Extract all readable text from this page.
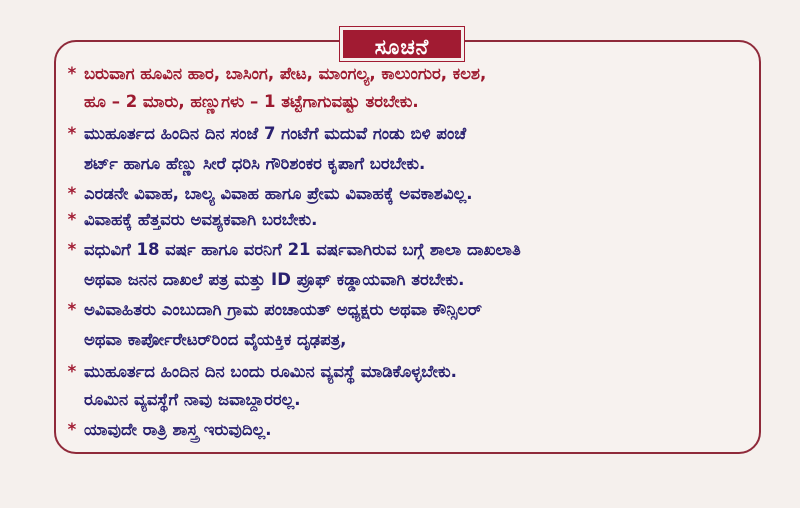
ಸೂಚನೆ
* ಬರುವಾಗ ಹೂವಿನ ಹಾರ, ಬಾಸಿಂಗ, ಪೇಟ, ಮಾಂಗಲ್ಯ, ಕಾಲುಂಗುರ, ಕಲಶ,
ಹೂ – 2 ಮಾರು, ಹಣ್ಣುಗಳು – 1 ತಟ್ಟೆಗಾಗುವಷ್ಟು ತರಬೇಕು.
* ಮುಹೂರ್ತದ ಹಿಂದಿನ ದಿನ ಸಂಜೆ 7 ಗಂಟೆಗೆ ಮದುವೆ ಗಂಡು ಬಿಳಿ ಪಂಚೆ
ಶರ್ಟ್ ಹಾಗೂ ಹೆಣ್ಣು ಸೀರೆ ಧರಿಸಿ ಗೌರಿಶಂಕರ ಕೃಪಾಗೆ ಬರಬೇಕು.
* ಎರಡನೇ ವಿವಾಹ, ಬಾಲ್ಯ ವಿವಾಹ ಹಾಗೂ ಪ್ರೇಮ ವಿವಾಹಕ್ಕೆ ಅವಕಾಶವಿಲ್ಲ.
* ವಿವಾಹಕ್ಕೆ ಹೆತ್ತವರು ಅವಶ್ಯಕವಾಗಿ ಬರಬೇಕು.
* ವಧುವಿಗೆ 18 ವರ್ಷ ಹಾಗೂ ವರನಿಗೆ 21 ವರ್ಷವಾಗಿರುವ ಬಗ್ಗೆ ಶಾಲಾ ದಾಖಲಾತಿ
ಅಥವಾ ಜನನ ದಾಖಲೆ ಪತ್ರ ಮತ್ತು ID ಪ್ರೂಫ್ ಕಡ್ಡಾಯವಾಗಿ ತರಬೇಕು.
* ಅವಿವಾಹಿತರು ಎಂಬುದಾಗಿ ಗ್ರಾಮ ಪಂಚಾಯತ್ ಅಧ್ಯಕ್ಷರು ಅಥವಾ ಕೌನ್ಸಿಲರ್
ಅಥವಾ ಕಾರ್ಪೋರೇಟರ್‌ರಿಂದ ವೈಯಕ್ತಿಕ ದೃಢಪತ್ರ,
* ಮುಹೂರ್ತದ ಹಿಂದಿನ ದಿನ ಬಂದು ರೂಮಿನ ವ್ಯವಸ್ಥೆ ಮಾಡಿಕೊಳ್ಳಬೇಕು.
ರೂಮಿನ ವ್ಯವಸ್ಥೆಗೆ ನಾವು ಜವಾಬ್ದಾರರಲ್ಲ.
* ಯಾವುದೇ ರಾತ್ರಿ ಶಾಸ್ತ್ರ ಇರುವುದಿಲ್ಲ.
